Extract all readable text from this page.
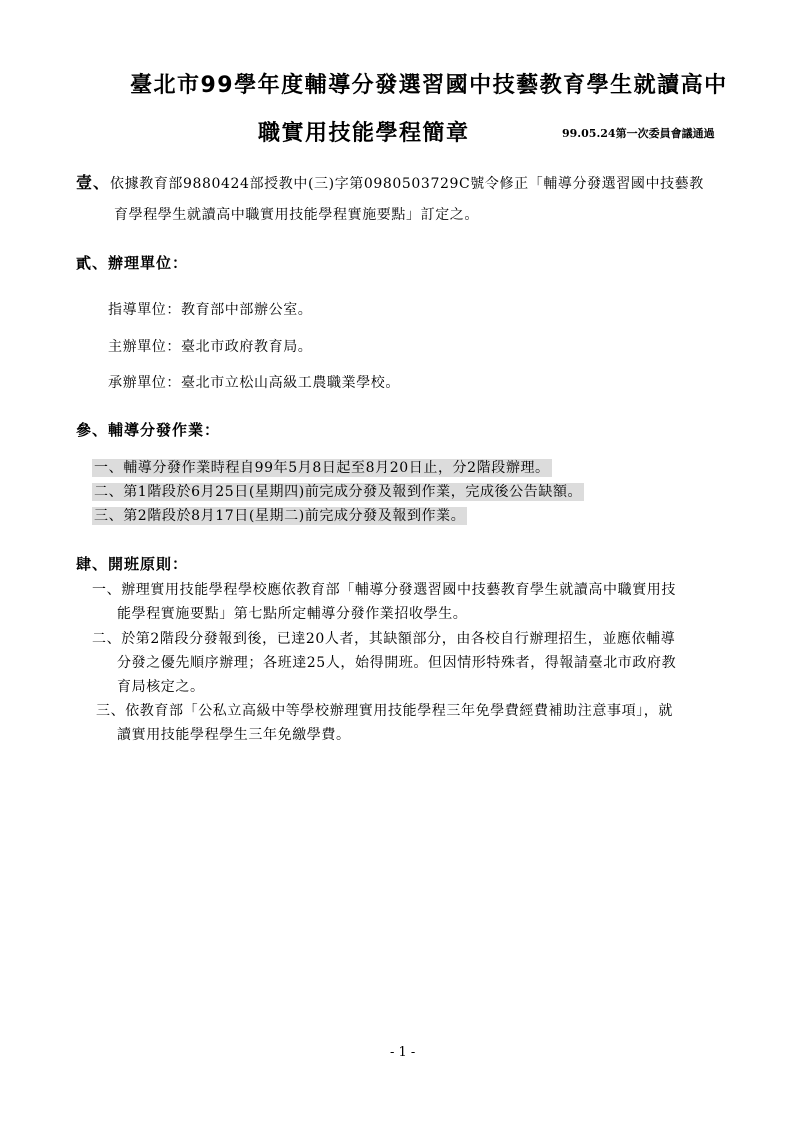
臺北市99學年度輔導分發選習國中技藝教育學生就讀高中
職實用技能學程簡章	99.05.24第一次委員會議通過
壹、依據教育部9880424部授教中(三)字第0980503729C號令修正「輔導分發選習國中技藝教
育學程學生就讀高中職實用技能學程實施要點」訂定之。
貳、辦理單位：
指導單位：教育部中部辦公室。
主辦單位：臺北市政府教育局。
承辦單位：臺北市立松山高級工農職業學校。
參、輔導分發作業：
一、輔導分發作業時程自99年5月8日起至8月20日止，分2階段辦理。
二、第1階段於6月25日(星期四)前完成分發及報到作業，完成後公告缺額。
三、第2階段於8月17日(星期二)前完成分發及報到作業。
肆、開班原則：
一、辦理實用技能學程學校應依教育部「輔導分發選習國中技藝教育學生就讀高中職實用技
能學程實施要點」第七點所定輔導分發作業招收學生。
二、於第2階段分發報到後，已達20人者，其缺額部分，由各校自行辦理招生，並應依輔導
分發之優先順序辦理；各班達25人，始得開班。但因情形特殊者，得報請臺北市政府教
育局核定之。
三、依教育部「公私立高級中等學校辦理實用技能學程三年免學費經費補助注意事項」，就
讀實用技能學程學生三年免繳學費。
- 1 -
